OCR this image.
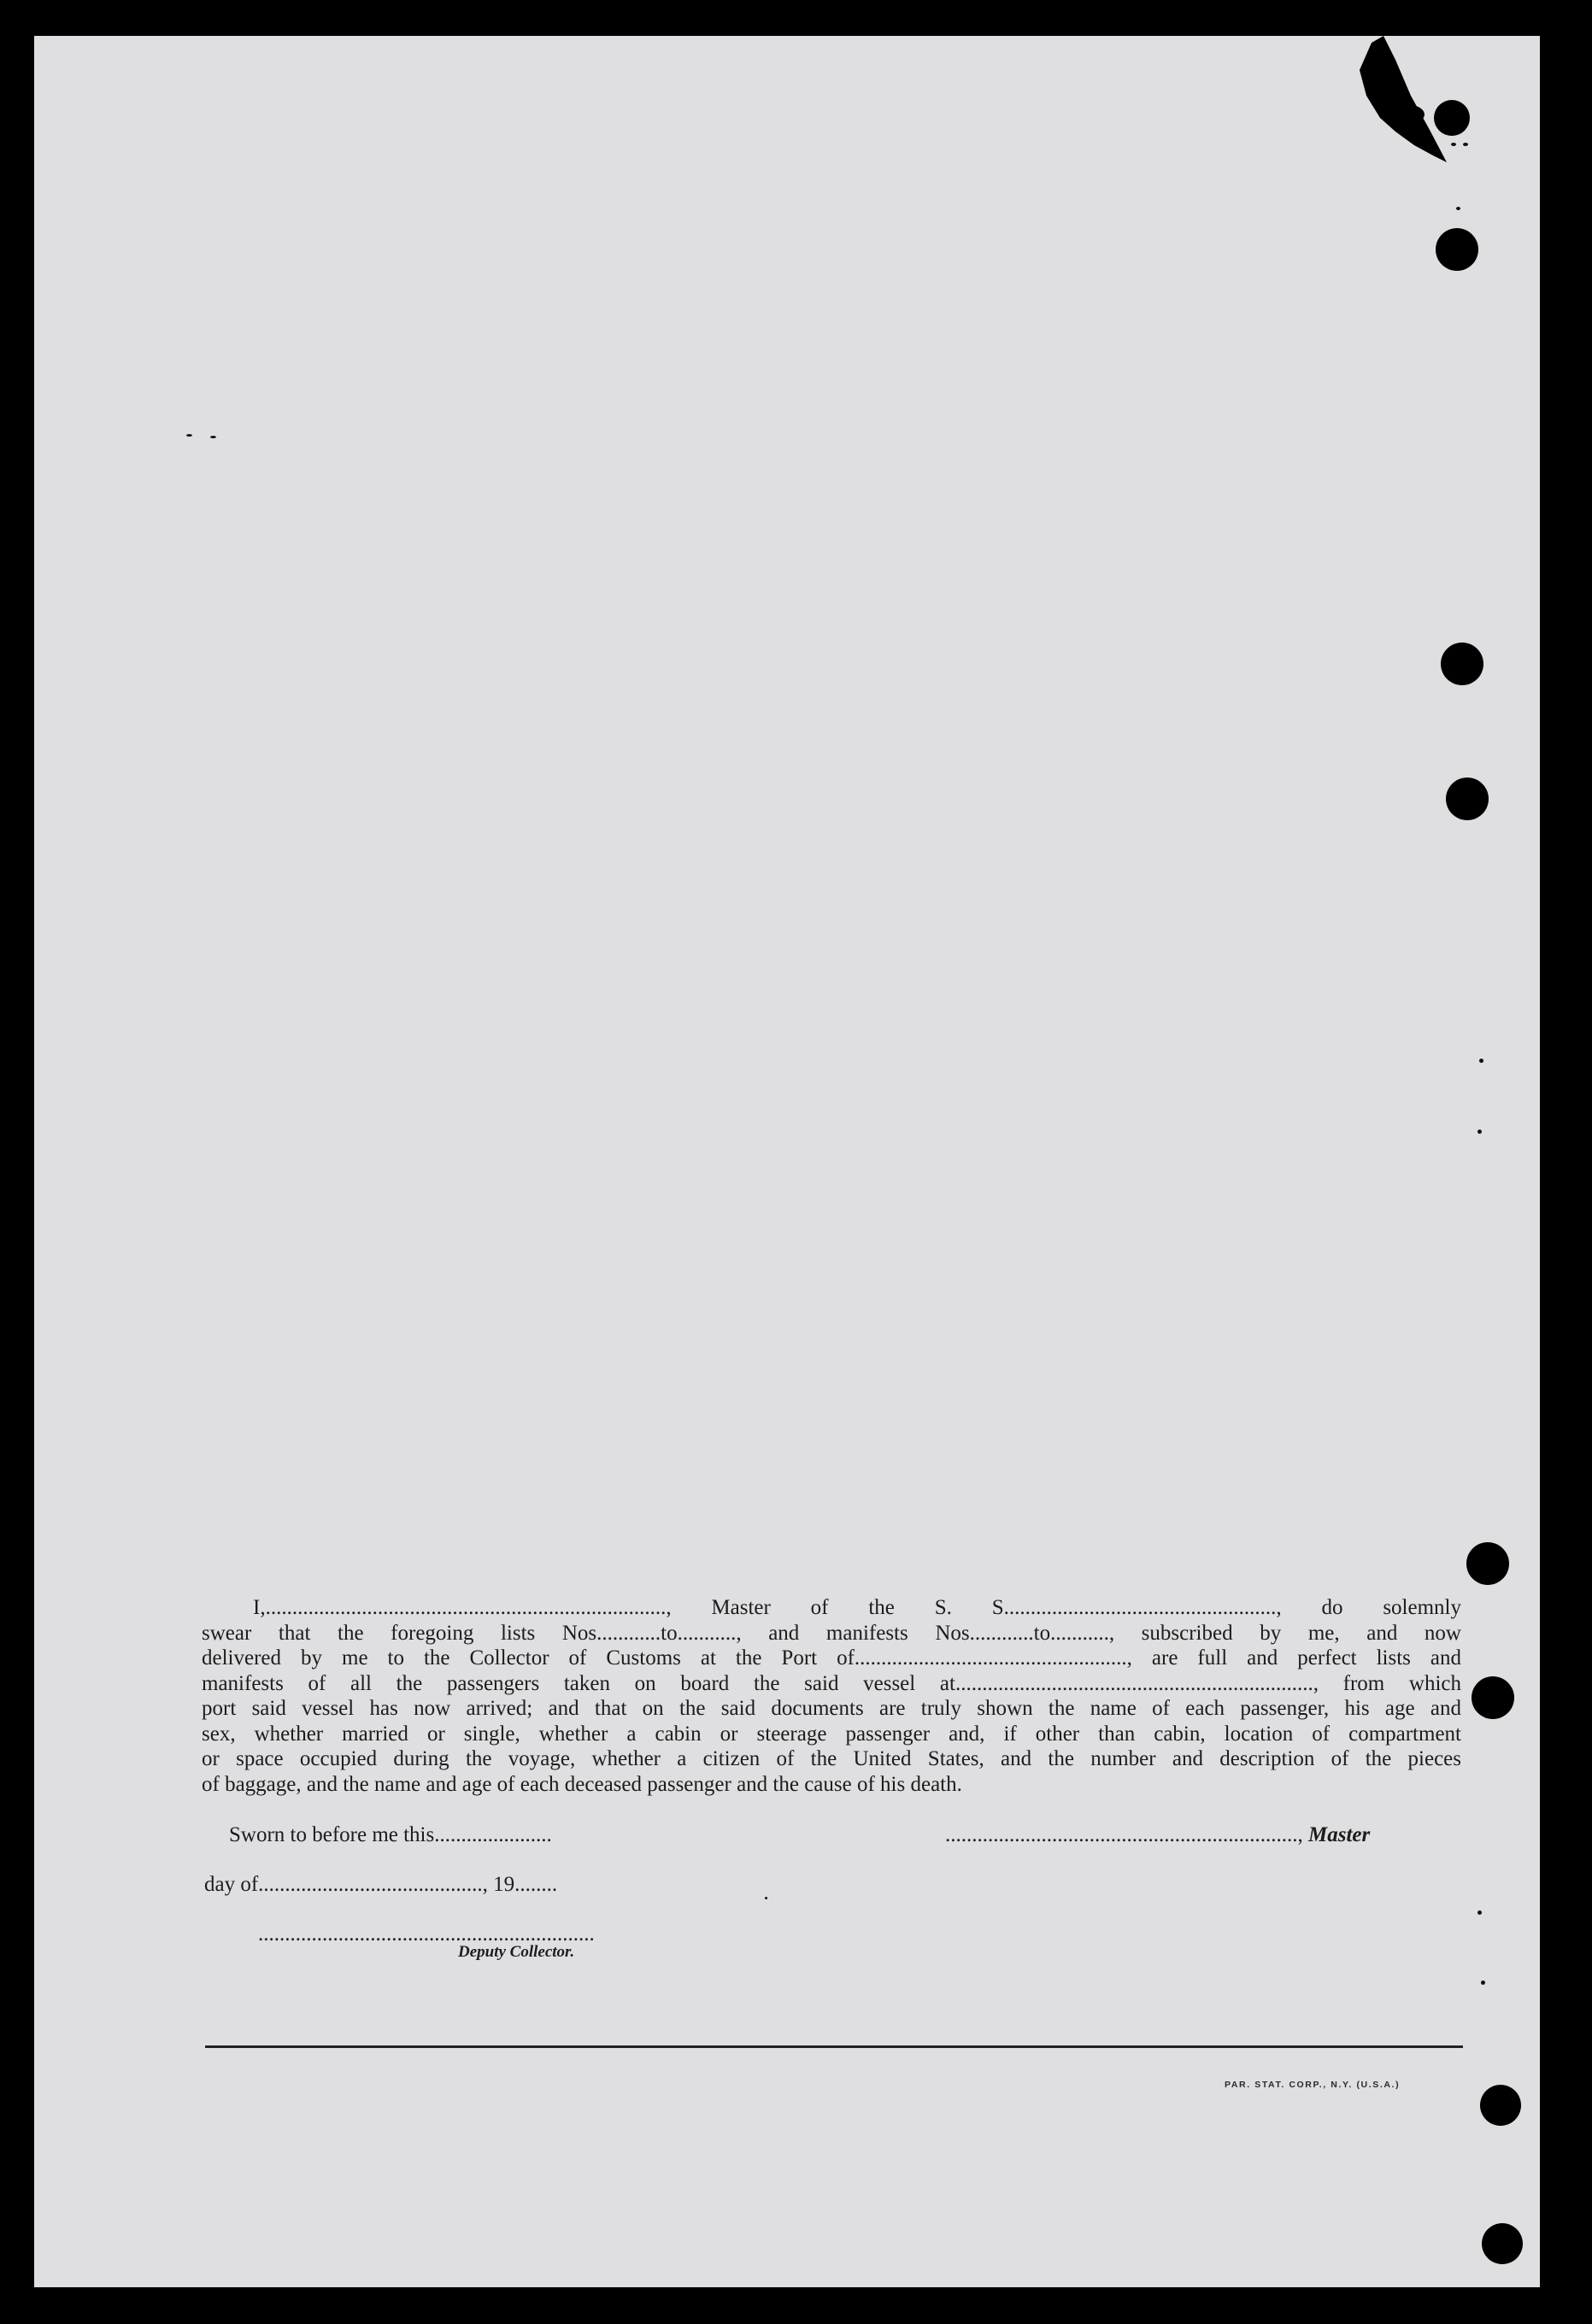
I,..........................................................................., Master of the S. S..................................................., do solemnly
swear that the foregoing lists Nos............to..........., and manifests Nos............to..........., subscribed by me, and now
delivered by me to the Collector of Customs at the Port of..................................................., are full and perfect lists and
manifests of all the passengers taken on board the said vessel at..................................................................., from which
port said vessel has now arrived; and that on the said documents are truly shown the name of each passenger, his age and
sex, whether married or single, whether a cabin or steerage passenger and, if other than cabin, location of compartment
or space occupied during the voyage, whether a citizen of the United States, and the number and description of the pieces
of baggage, and the name and age of each deceased passenger and the cause of his death.
Sworn to before me this......................	.................................................................., Master
day of.........................................., 19........
...............................................................
Deputy Collector.
PAR. STAT. CORP., N.Y. (U.S.A.)
